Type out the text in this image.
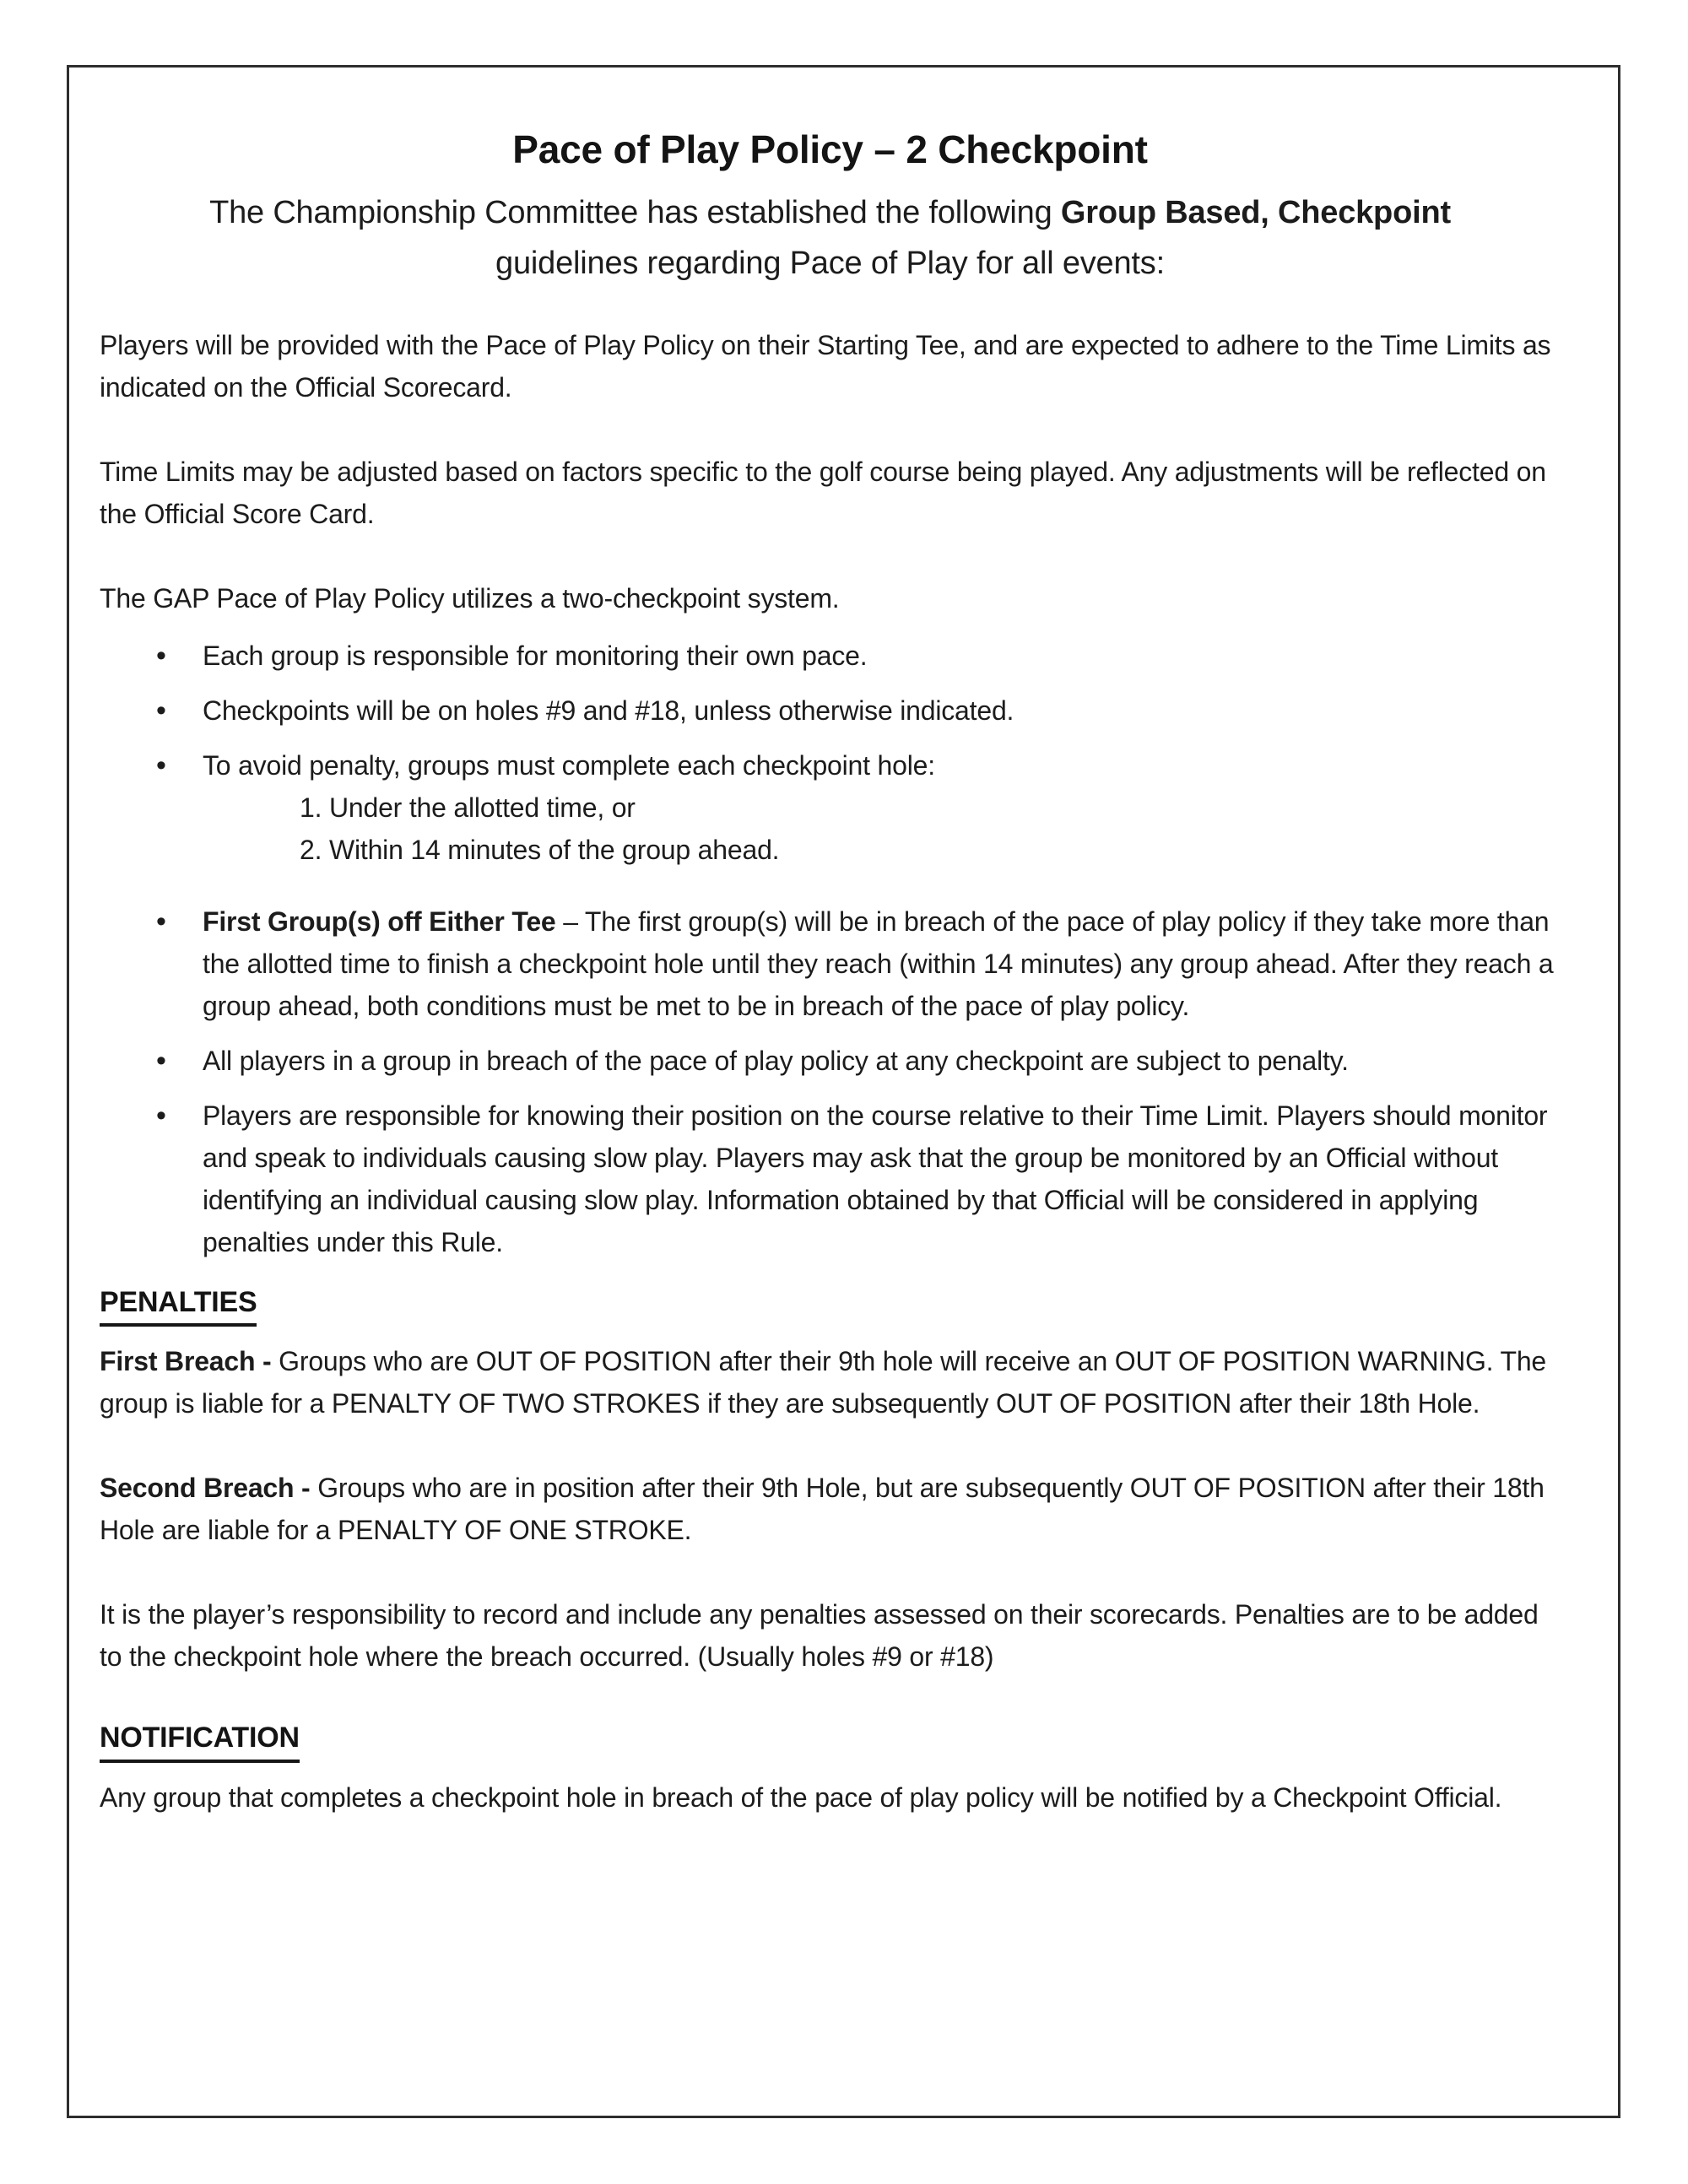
Pace of Play Policy – 2 Checkpoint

The Championship Committee has established the following Group Based, Checkpoint
guidelines regarding Pace of Play for all events:

Players will be provided with the Pace of Play Policy on their Starting Tee, and are expected to adhere to the Time Limits as indicated on the Official Scorecard.

Time Limits may be adjusted based on factors specific to the golf course being played. Any adjustments will be reflected on the Official Score Card.

The GAP Pace of Play Policy utilizes a two-checkpoint system.

• Each group is responsible for monitoring their own pace.
• Checkpoints will be on holes #9 and #18, unless otherwise indicated.
• To avoid penalty, groups must complete each checkpoint hole:
1. Under the allotted time, or
2. Within 14 minutes of the group ahead.
• First Group(s) off Either Tee – The first group(s) will be in breach of the pace of play policy if they take more than the allotted time to finish a checkpoint hole until they reach (within 14 minutes) any group ahead. After they reach a group ahead, both conditions must be met to be in breach of the pace of play policy.
• All players in a group in breach of the pace of play policy at any checkpoint are subject to penalty.
• Players are responsible for knowing their position on the course relative to their Time Limit. Players should monitor and speak to individuals causing slow play. Players may ask that the group be monitored by an Official without identifying an individual causing slow play. Information obtained by that Official will be considered in applying penalties under this Rule.
PENALTIES

First Breach - Groups who are OUT OF POSITION after their 9th hole will receive an OUT OF POSITION WARNING. The group is liable for a PENALTY OF TWO STROKES if they are subsequently OUT OF POSITION after their 18th Hole.

Second Breach - Groups who are in position after their 9th Hole, but are subsequently OUT OF POSITION after their 18th Hole are liable for a PENALTY OF ONE STROKE.

It is the player’s responsibility to record and include any penalties assessed on their scorecards. Penalties are to be added to the checkpoint hole where the breach occurred. (Usually holes #9 or #18)

NOTIFICATION

Any group that completes a checkpoint hole in breach of the pace of play policy will be notified by a Checkpoint Official.
